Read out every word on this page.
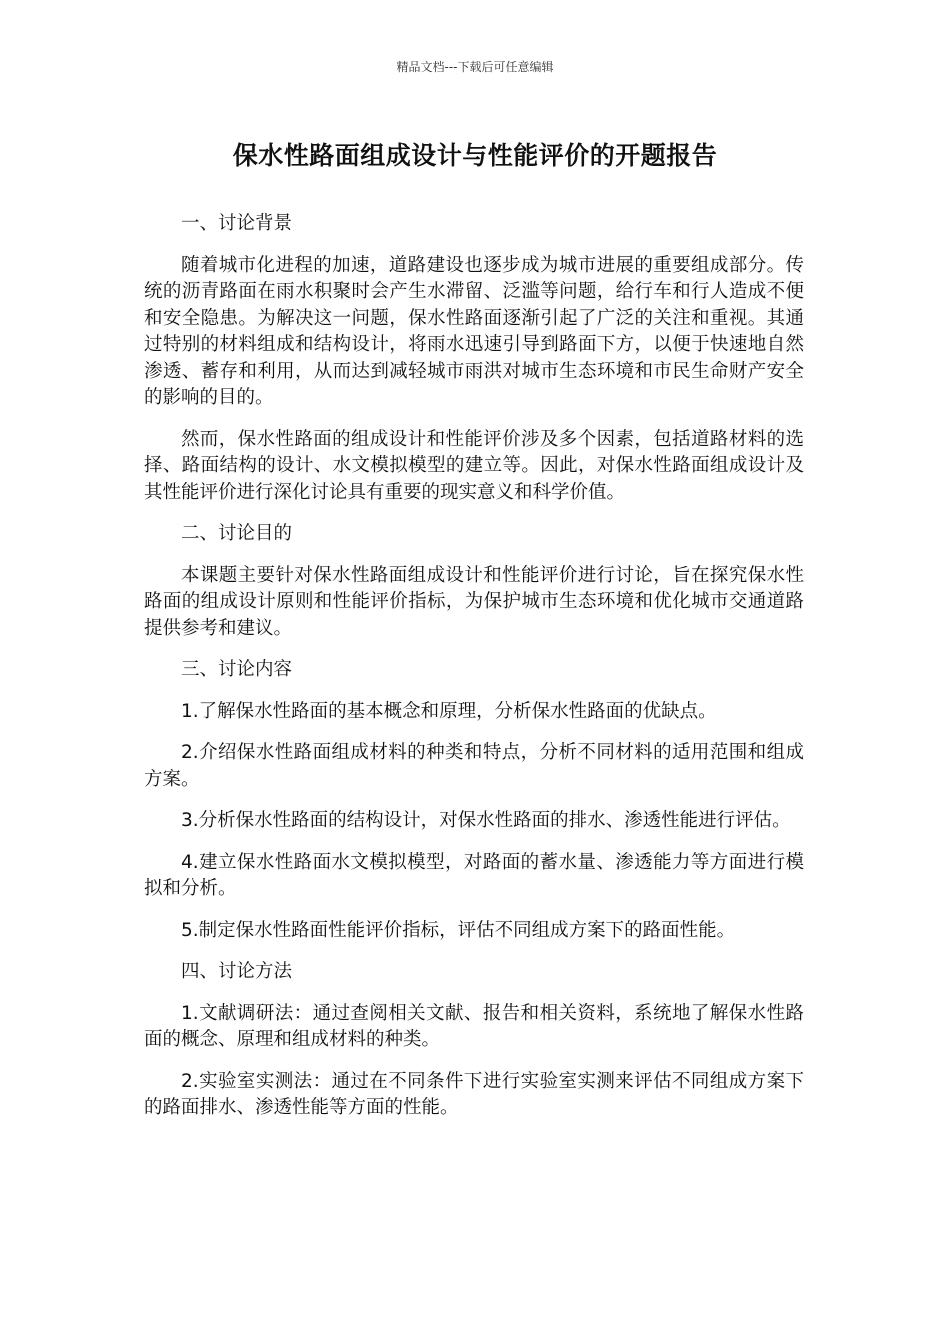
精品文档---下载后可任意编辑
保水性路面组成设计与性能评价的开题报告

一、讨论背景

随着城市化进程的加速，道路建设也逐步成为城市进展的重要组成部分。传统的沥青路面在雨水积聚时会产生水滞留、泛滥等问题，给行车和行人造成不便和安全隐患。为解决这一问题，保水性路面逐渐引起了广泛的关注和重视。其通过特别的材料组成和结构设计，将雨水迅速引导到路面下方，以便于快速地自然渗透、蓄存和利用，从而达到减轻城市雨洪对城市生态环境和市民生命财产安全的影响的目的。

然而，保水性路面的组成设计和性能评价涉及多个因素，包括道路材料的选择、路面结构的设计、水文模拟模型的建立等。因此，对保水性路面组成设计及其性能评价进行深化讨论具有重要的现实意义和科学价值。

二、讨论目的

本课题主要针对保水性路面组成设计和性能评价进行讨论，旨在探究保水性路面的组成设计原则和性能评价指标，为保护城市生态环境和优化城市交通道路提供参考和建议。

三、讨论内容

1.了解保水性路面的基本概念和原理，分析保水性路面的优缺点。

2.介绍保水性路面组成材料的种类和特点，分析不同材料的适用范围和组成方案。

3.分析保水性路面的结构设计，对保水性路面的排水、渗透性能进行评估。

4.建立保水性路面水文模拟模型，对路面的蓄水量、渗透能力等方面进行模拟和分析。

5.制定保水性路面性能评价指标，评估不同组成方案下的路面性能。

四、讨论方法

1.文献调研法：通过查阅相关文献、报告和相关资料，系统地了解保水性路面的概念、原理和组成材料的种类。

2.实验室实测法：通过在不同条件下进行实验室实测来评估不同组成方案下的路面排水、渗透性能等方面的性能。
